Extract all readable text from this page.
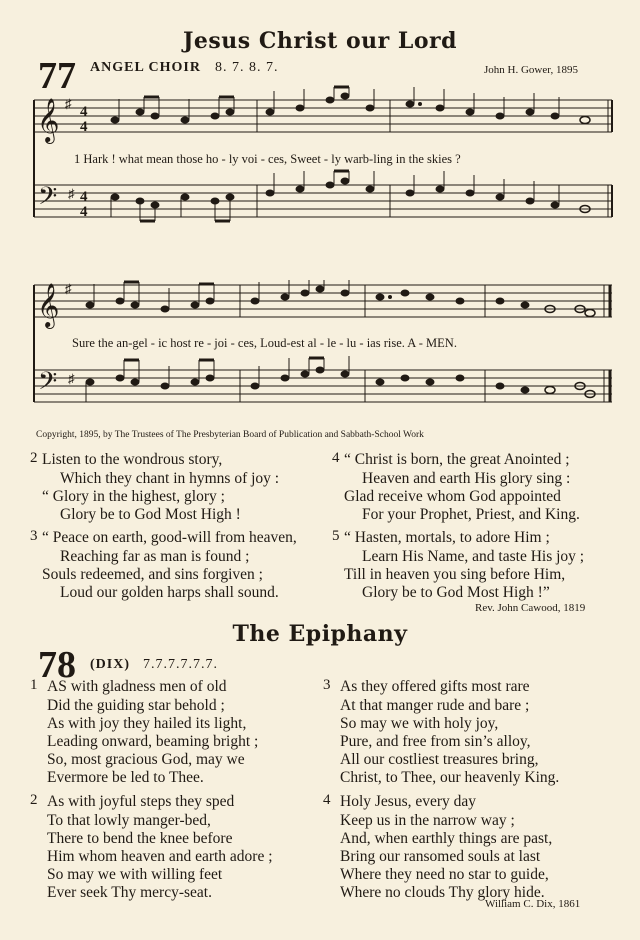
Jesus Christ our Lord
77 ANGEL CHOIR 8. 7. 8. 7.	John H. Gower, 1895
𝄞
𝄢
♯
♯
4
4
4
4
1 Hark ! what mean those ho - ly voi - ces, Sweet - ly warb-ling in the skies ?
𝄞
𝄢
♯
♯
Sure the an-gel - ic host re - joi - ces, Loud-est al - le - lu - ias rise. A - MEN.
Copyright, 1895, by The Trustees of The Presbyterian Board of Publication and Sabbath-School Work
2 Listen to the wondrous story,
Which they chant in hymns of joy :
“ Glory in the highest, glory ;
Glory be to God Most High !
3 “ Peace on earth, good-will from heaven,
Reaching far as man is found ;
Souls redeemed, and sins forgiven ;
Loud our golden harps shall sound.
4 “ Christ is born, the great Anointed ;
Heaven and earth His glory sing :
Glad receive whom God appointed
For your Prophet, Priest, and King.
5 “ Hasten, mortals, to adore Him ;
Learn His Name, and taste His joy ;
Till in heaven you sing before Him,
Glory be to God Most High !”
Rev. John Cawood, 1819
The Epiphany
78 (DIX) 7.7.7.7.7.7.
1 AS with gladness men of old
Did the guiding star behold ;
As with joy they hailed its light,
Leading onward, beaming bright ;
So, most gracious God, may we
Evermore be led to Thee.
2 As with joyful steps they sped
To that lowly manger-bed,
There to bend the knee before
Him whom heaven and earth adore ;
So may we with willing feet
Ever seek Thy mercy-seat.
3 As they offered gifts most rare
At that manger rude and bare ;
So may we with holy joy,
Pure, and free from sin’s alloy,
All our costliest treasures bring,
Christ, to Thee, our heavenly King.
4 Holy Jesus, every day
Keep us in the narrow way ;
And, when earthly things are past,
Bring our ransomed souls at last
Where they need no star to guide,
Where no clouds Thy glory hide.
William C. Dix, 1861
